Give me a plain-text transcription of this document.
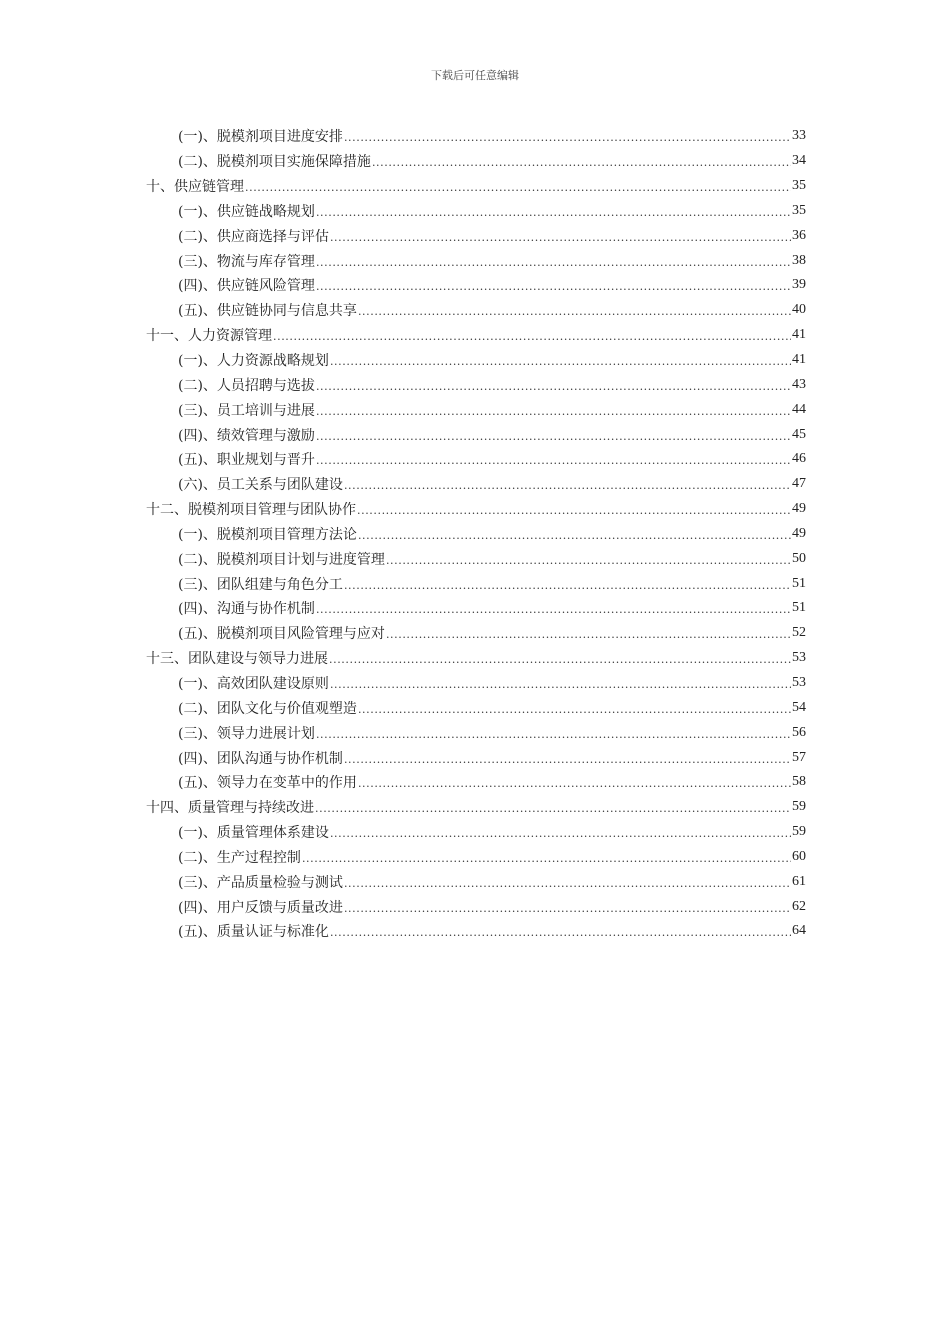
下载后可任意编辑
(一)、脱模剂项目进度安排 .....	33
(二)、脱模剂项目实施保障措施 .....	34
十、供应链管理 .....	35
(一)、供应链战略规划 .....	35
(二)、供应商选择与评估 .....	36
(三)、物流与库存管理 .....	38
(四)、供应链风险管理 .....	39
(五)、供应链协同与信息共享 .....	40
十一、人力资源管理 .....	41
(一)、人力资源战略规划 .....	41
(二)、人员招聘与选拔 .....	43
(三)、员工培训与进展 .....	44
(四)、绩效管理与激励 .....	45
(五)、职业规划与晋升 .....	46
(六)、员工关系与团队建设 .....	47
十二、脱模剂项目管理与团队协作 .....	49
(一)、脱模剂项目管理方法论 .....	49
(二)、脱模剂项目计划与进度管理 .....	50
(三)、团队组建与角色分工 .....	51
(四)、沟通与协作机制 .....	51
(五)、脱模剂项目风险管理与应对 .....	52
十三、团队建设与领导力进展 .....	53
(一)、高效团队建设原则 .....	53
(二)、团队文化与价值观塑造 .....	54
(三)、领导力进展计划 .....	56
(四)、团队沟通与协作机制 .....	57
(五)、领导力在变革中的作用 .....	58
十四、质量管理与持续改进 .....	59
(一)、质量管理体系建设 .....	59
(二)、生产过程控制 .....	60
(三)、产品质量检验与测试 .....	61
(四)、用户反馈与质量改进 .....	62
(五)、质量认证与标准化 .....	64
